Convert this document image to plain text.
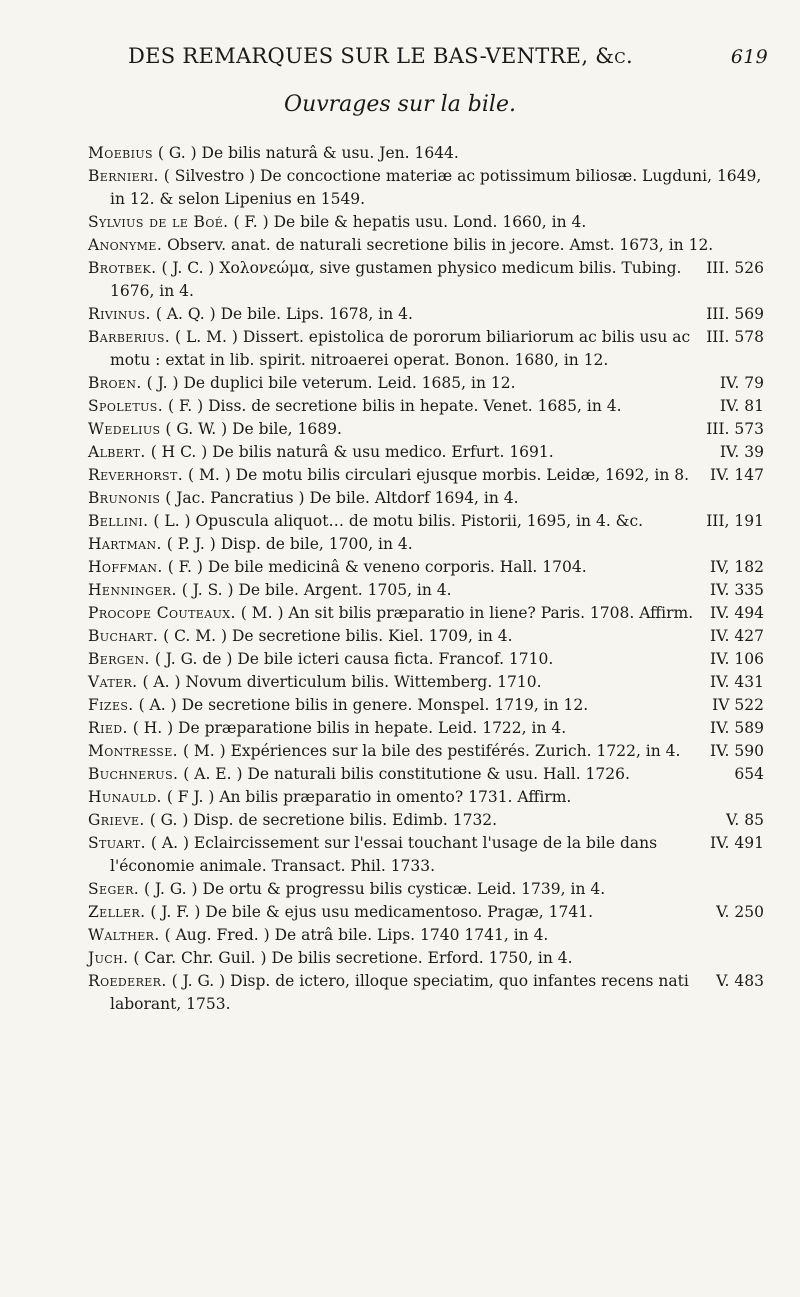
DES REMARQUES SUR LE BAS-VENTRE, &c.	619
Ouvrages sur la bile.

Moebius ( G. ) De bilis naturâ & usu. Jen. 1644.

Bernieri. ( Silvestro ) De concoctione materiæ ac potissimum biliosæ. Lugduni, 1649, in 12. & selon Lipenius en 1549.

Sylvius de le Boé. ( F. ) De bile & hepatis usu. Lond. 1660, in 4.

Anonyme. Observ. anat. de naturali secretione bilis in jecore. Amst. 1673, in 12.

III. 526
Brotbek. ( J. C. ) Χολονεώμα, sive gustamen physico medicum bilis. Tubing. 1676, in 4.

III. 569
Rivinus. ( A. Q. ) De bile. Lips. 1678, in 4.

III. 578
Barberius. ( L. M. ) Dissert. epistolica de pororum biliariorum ac bilis usu ac motu : extat in lib. spirit. nitroaerei operat. Bonon. 1680, in 12.

IV. 79
Broen. ( J. ) De duplici bile veterum. Leid. 1685, in 12.

IV. 81
Spoletus. ( F. ) Diss. de secretione bilis in hepate. Venet. 1685, in 4.

III. 573
Wedelius ( G. W. ) De bile, 1689.

IV. 39
Albert. ( H C. ) De bilis naturâ & usu medico. Erfurt. 1691.

IV. 147
Reverhorst. ( M. ) De motu bilis circulari ejusque morbis. Leidæ, 1692, in 8.

Brunonis ( Jac. Pancratius ) De bile. Altdorf 1694, in 4.

III, 191
Bellini. ( L. ) Opuscula aliquot… de motu bilis. Pistorii, 1695, in 4. &c.

Hartman. ( P. J. ) Disp. de bile, 1700, in 4.

IV, 182
Hoffman. ( F. ) De bile medicinâ & veneno corporis. Hall. 1704.

IV. 335
Henninger. ( J. S. ) De bile. Argent. 1705, in 4.

IV. 494
Procope Couteaux. ( M. ) An sit bilis præparatio in liene? Paris. 1708. Affirm.

IV. 427
Buchart. ( C. M. ) De secretione bilis. Kiel. 1709, in 4.

IV. 106
Bergen. ( J. G. de ) De bile icteri causa ficta. Francof. 1710.

IV. 431
Vater. ( A. ) Novum diverticulum bilis. Wittemberg. 1710.

IV 522
Fizes. ( A. ) De secretione bilis in genere. Monspel. 1719, in 12.

IV. 589
Ried. ( H. ) De præparatione bilis in hepate. Leid. 1722, in 4.

IV. 590
Montresse. ( M. ) Expériences sur la bile des pestiférés. Zurich. 1722, in 4.

654
Buchnerus. ( A. E. ) De naturali bilis constitutione & usu. Hall. 1726.

Hunauld. ( F J. ) An bilis præparatio in omento? 1731. Affirm.

V. 85
Grieve. ( G. ) Disp. de secretione bilis. Edimb. 1732.

IV. 491
Stuart. ( A. ) Eclaircissement sur l'essai touchant l'usage de la bile dans l'économie animale. Transact. Phil. 1733.

Seger. ( J. G. ) De ortu & progressu bilis cysticæ. Leid. 1739, in 4.

V. 250
Zeller. ( J. F. ) De bile & ejus usu medicamentoso. Pragæ, 1741.

Walther. ( Aug. Fred. ) De atrâ bile. Lips. 1740 1741, in 4.

Juch. ( Car. Chr. Guil. ) De bilis secretione. Erford. 1750, in 4.

V. 483
Roederer. ( J. G. ) Disp. de ictero, illoque speciatim, quo infantes recens nati laborant, 1753.
